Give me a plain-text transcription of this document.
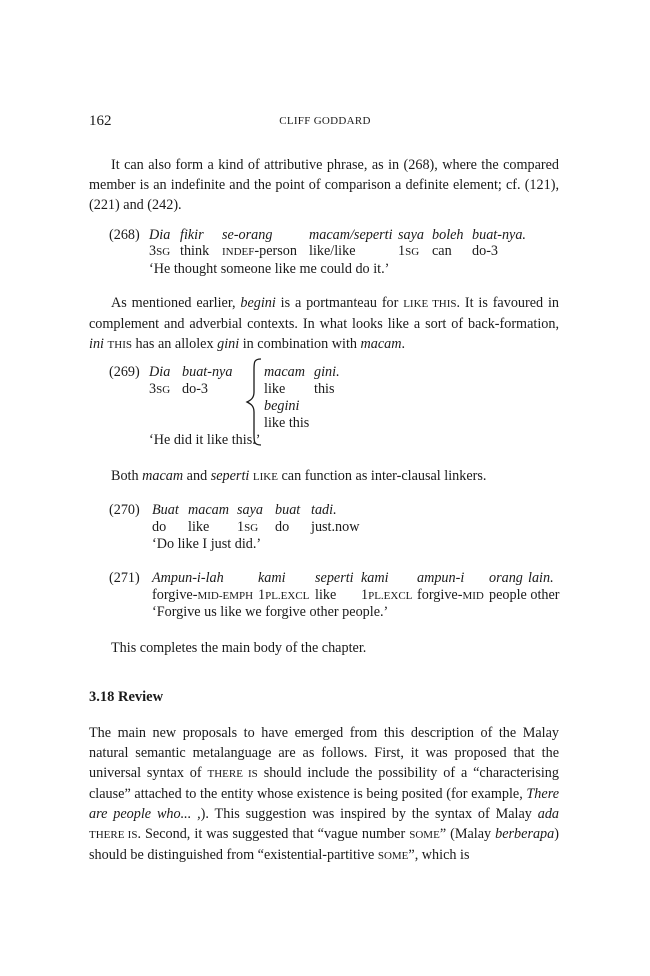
162	CLIFF GODDARD
It can also form a kind of attributive phrase, as in (268), where the compared member is an indefinite and the point of comparison a definite element; cf. (121), (221) and (242).
(268) Dia fikir se-orang	macam/seperti saya boleh buat-nya.
3SG think INDEF-person like/like	1SG can do-3
‘He thought someone like me could do it.’
As mentioned earlier, begini is a portmanteau for LIKE THIS. It is favoured in complement and adverbial contexts. In what looks like a sort of back-formation, ini THIS has an allolex gini in combination with macam.
(269) Dia buat-nya
3SG do-3
macam gini.
like this
begini
like this
‘He did it like this.’
Both macam and seperti LIKE can function as inter-clausal linkers.
(270) Buat macam saya buat tadi.
do like 1SG do just.now
‘Do like I just did.’
(271) Ampun-i-lah kami seperti kami ampun-i orang lain.
forgive-MID-EMPH 1PL.EXCL like 1PL.EXCL forgive-MID people other
‘Forgive us like we forgive other people.’
This completes the main body of the chapter.
3.18 Review
The main new proposals to have emerged from this description of the Malay natural semantic metalanguage are as follows. First, it was proposed that the universal syntax of THERE IS should include the possibility of a “characterising clause” attached to the entity whose existence is being posited (for example, There are people who... ,). This suggestion was inspired by the syntax of Malay ada THERE IS. Second, it was suggested that “vague number SOME” (Malay berberapa) should be distinguished from “existential-partitive SOME”, which is
